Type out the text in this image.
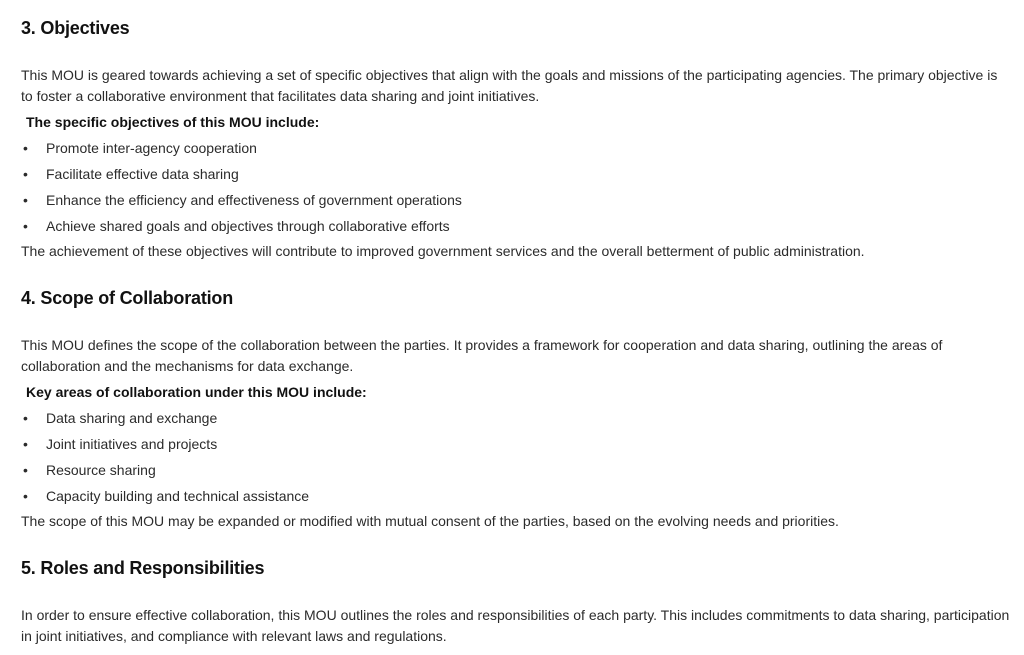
3. Objectives

This MOU is geared towards achieving a set of specific objectives that align with the goals and missions of the participating agencies. The primary objective is to foster a collaborative environment that facilitates data sharing and joint initiatives.

The specific objectives of this MOU include:

• Promote inter-agency cooperation
• Facilitate effective data sharing
• Enhance the efficiency and effectiveness of government operations
• Achieve shared goals and objectives through collaborative efforts

The achievement of these objectives will contribute to improved government services and the overall betterment of public administration.

4. Scope of Collaboration

This MOU defines the scope of the collaboration between the parties. It provides a framework for cooperation and data sharing, outlining the areas of collaboration and the mechanisms for data exchange.

Key areas of collaboration under this MOU include:

• Data sharing and exchange
• Joint initiatives and projects
• Resource sharing
• Capacity building and technical assistance

The scope of this MOU may be expanded or modified with mutual consent of the parties, based on the evolving needs and priorities.

5. Roles and Responsibilities

In order to ensure effective collaboration, this MOU outlines the roles and responsibilities of each party. This includes commitments to data sharing, participation in joint initiatives, and compliance with relevant laws and regulations.
